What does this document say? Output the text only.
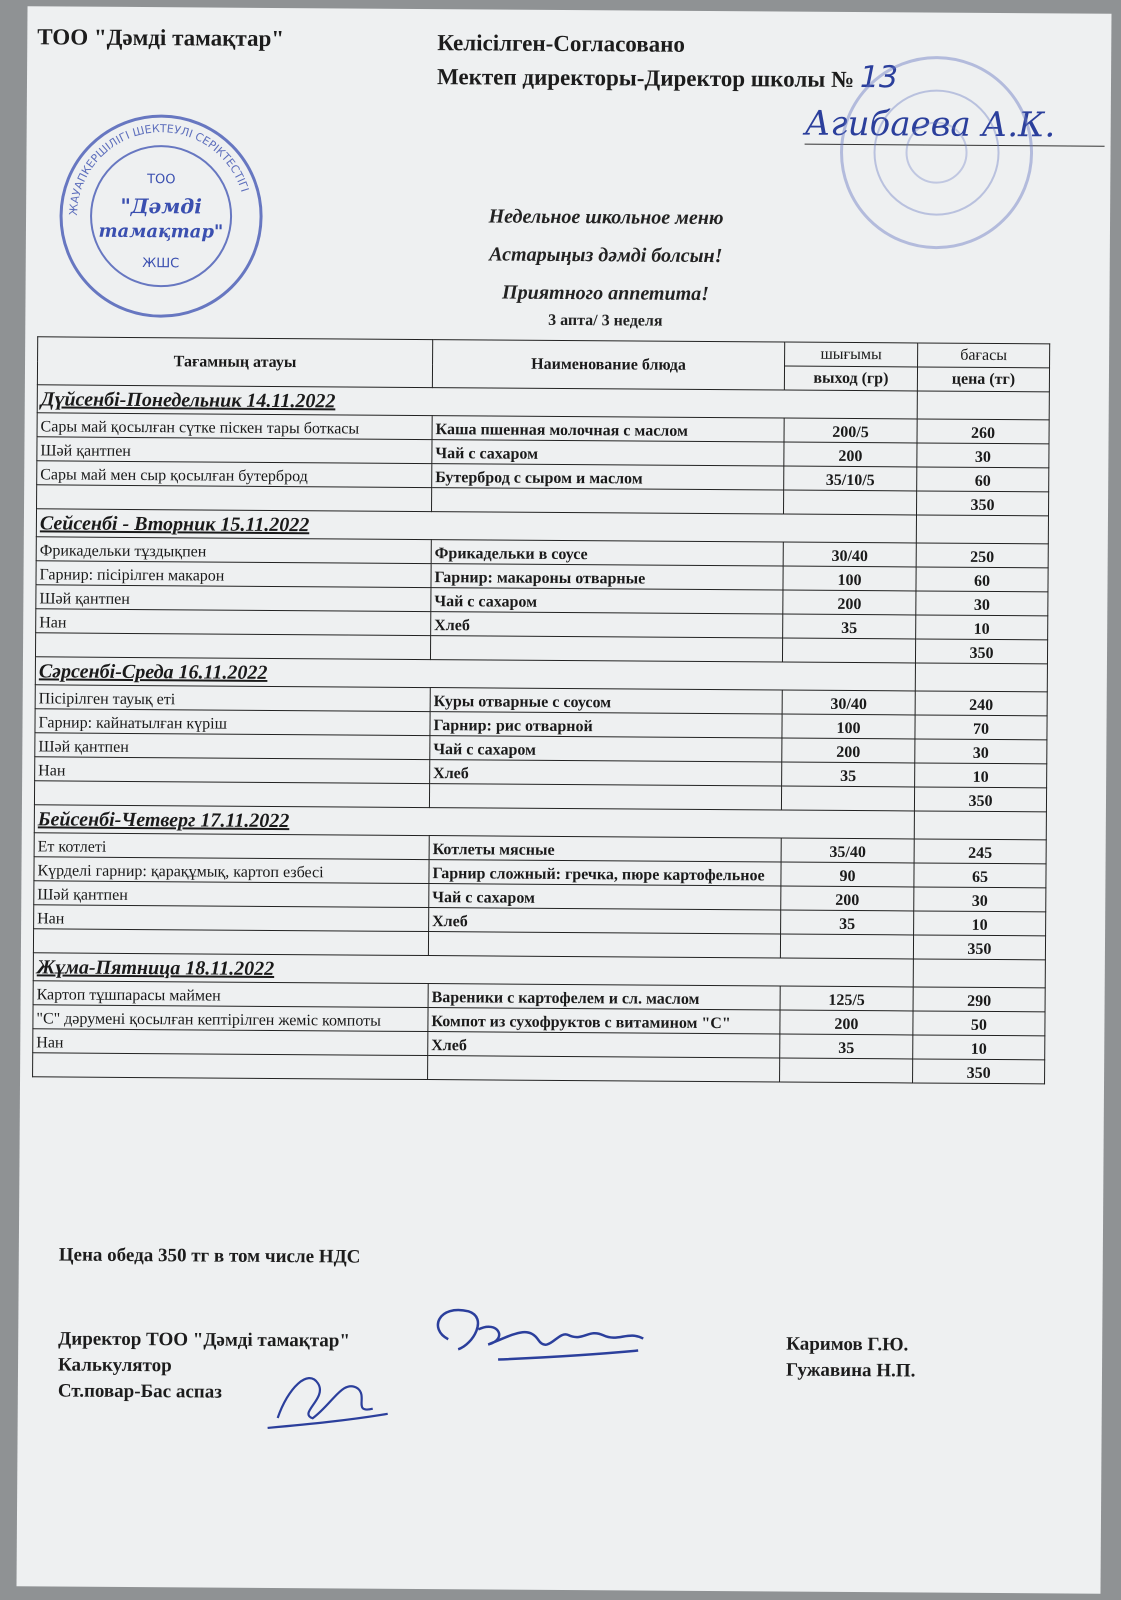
ТОО "Дәмді тамақтар"	Келісілген-Согласовано
Мектеп директоры-Директор школы № 13
Агибаева А.К.
ЖАУАПКЕРШІЛІГІ ШЕКТЕУЛІ СЕРІКТЕСТІГІ
ТОО
"Дәмді
тамақтар"
ЖШС

Недельное школьное меню

Астарыңыз дәмді болсын!

Приятного аппетита!

3 апта/ 3 неделя

Тағамның атауы	Наименование блюда	шығымы	бағасы
		выход (гр)	цена (тг)
Дүйсенбі-Понедельник 14.11.2022			
Сары май қосылған сүтке піскен тары боткасы	Каша пшенная молочная с маслом	200/5	260
Шәй қантпен	Чай с сахаром	200	30
Сары май мен сыр қосылған бутерброд	Бутерброд с сыром и маслом	35/10/5	60
			350
Сейсенбі - Вторник 15.11.2022			
Фрикадельки тұздықпен	Фрикадельки в соусе	30/40	250
Гарнир: пісірілген макарон	Гарнир: макароны отварные	100	60
Шәй қантпен	Чай с сахаром	200	30
Нан	Хлеб	35	10
			350
Сәрсенбі-Среда 16.11.2022			
Пісірілген тауық еті	Куры отварные с соусом	30/40	240
Гарнир: кайнатылған күріш	Гарнир: рис отварной	100	70
Шәй қантпен	Чай с сахаром	200	30
Нан	Хлеб	35	10
			350
Бейсенбі-Четверг 17.11.2022			
Ет котлеті	Котлеты мясные	35/40	245
Күрделі гарнир: қарақұмық, картоп езбесі	Гарнир сложный: гречка, пюре картофельное	90	65
Шәй қантпен	Чай с сахаром	200	30
Нан	Хлеб	35	10
			350
Жұма-Пятница 18.11.2022			
Картоп тұшпарасы маймен	Вареники с картофелем и сл. маслом	125/5	290
"С" дәрумені қосылған кептірілген жеміс компоты	Компот из сухофруктов с витамином "С"	200	50
Нан	Хлеб	35	10
			350

Цена обеда 350 тг в том числе НДС

Директор ТОО "Дәмді тамақтар"
Калькулятор
Ст.повар-Бас аспаз
Каримов Г.Ю.
Гужавина Н.П.
